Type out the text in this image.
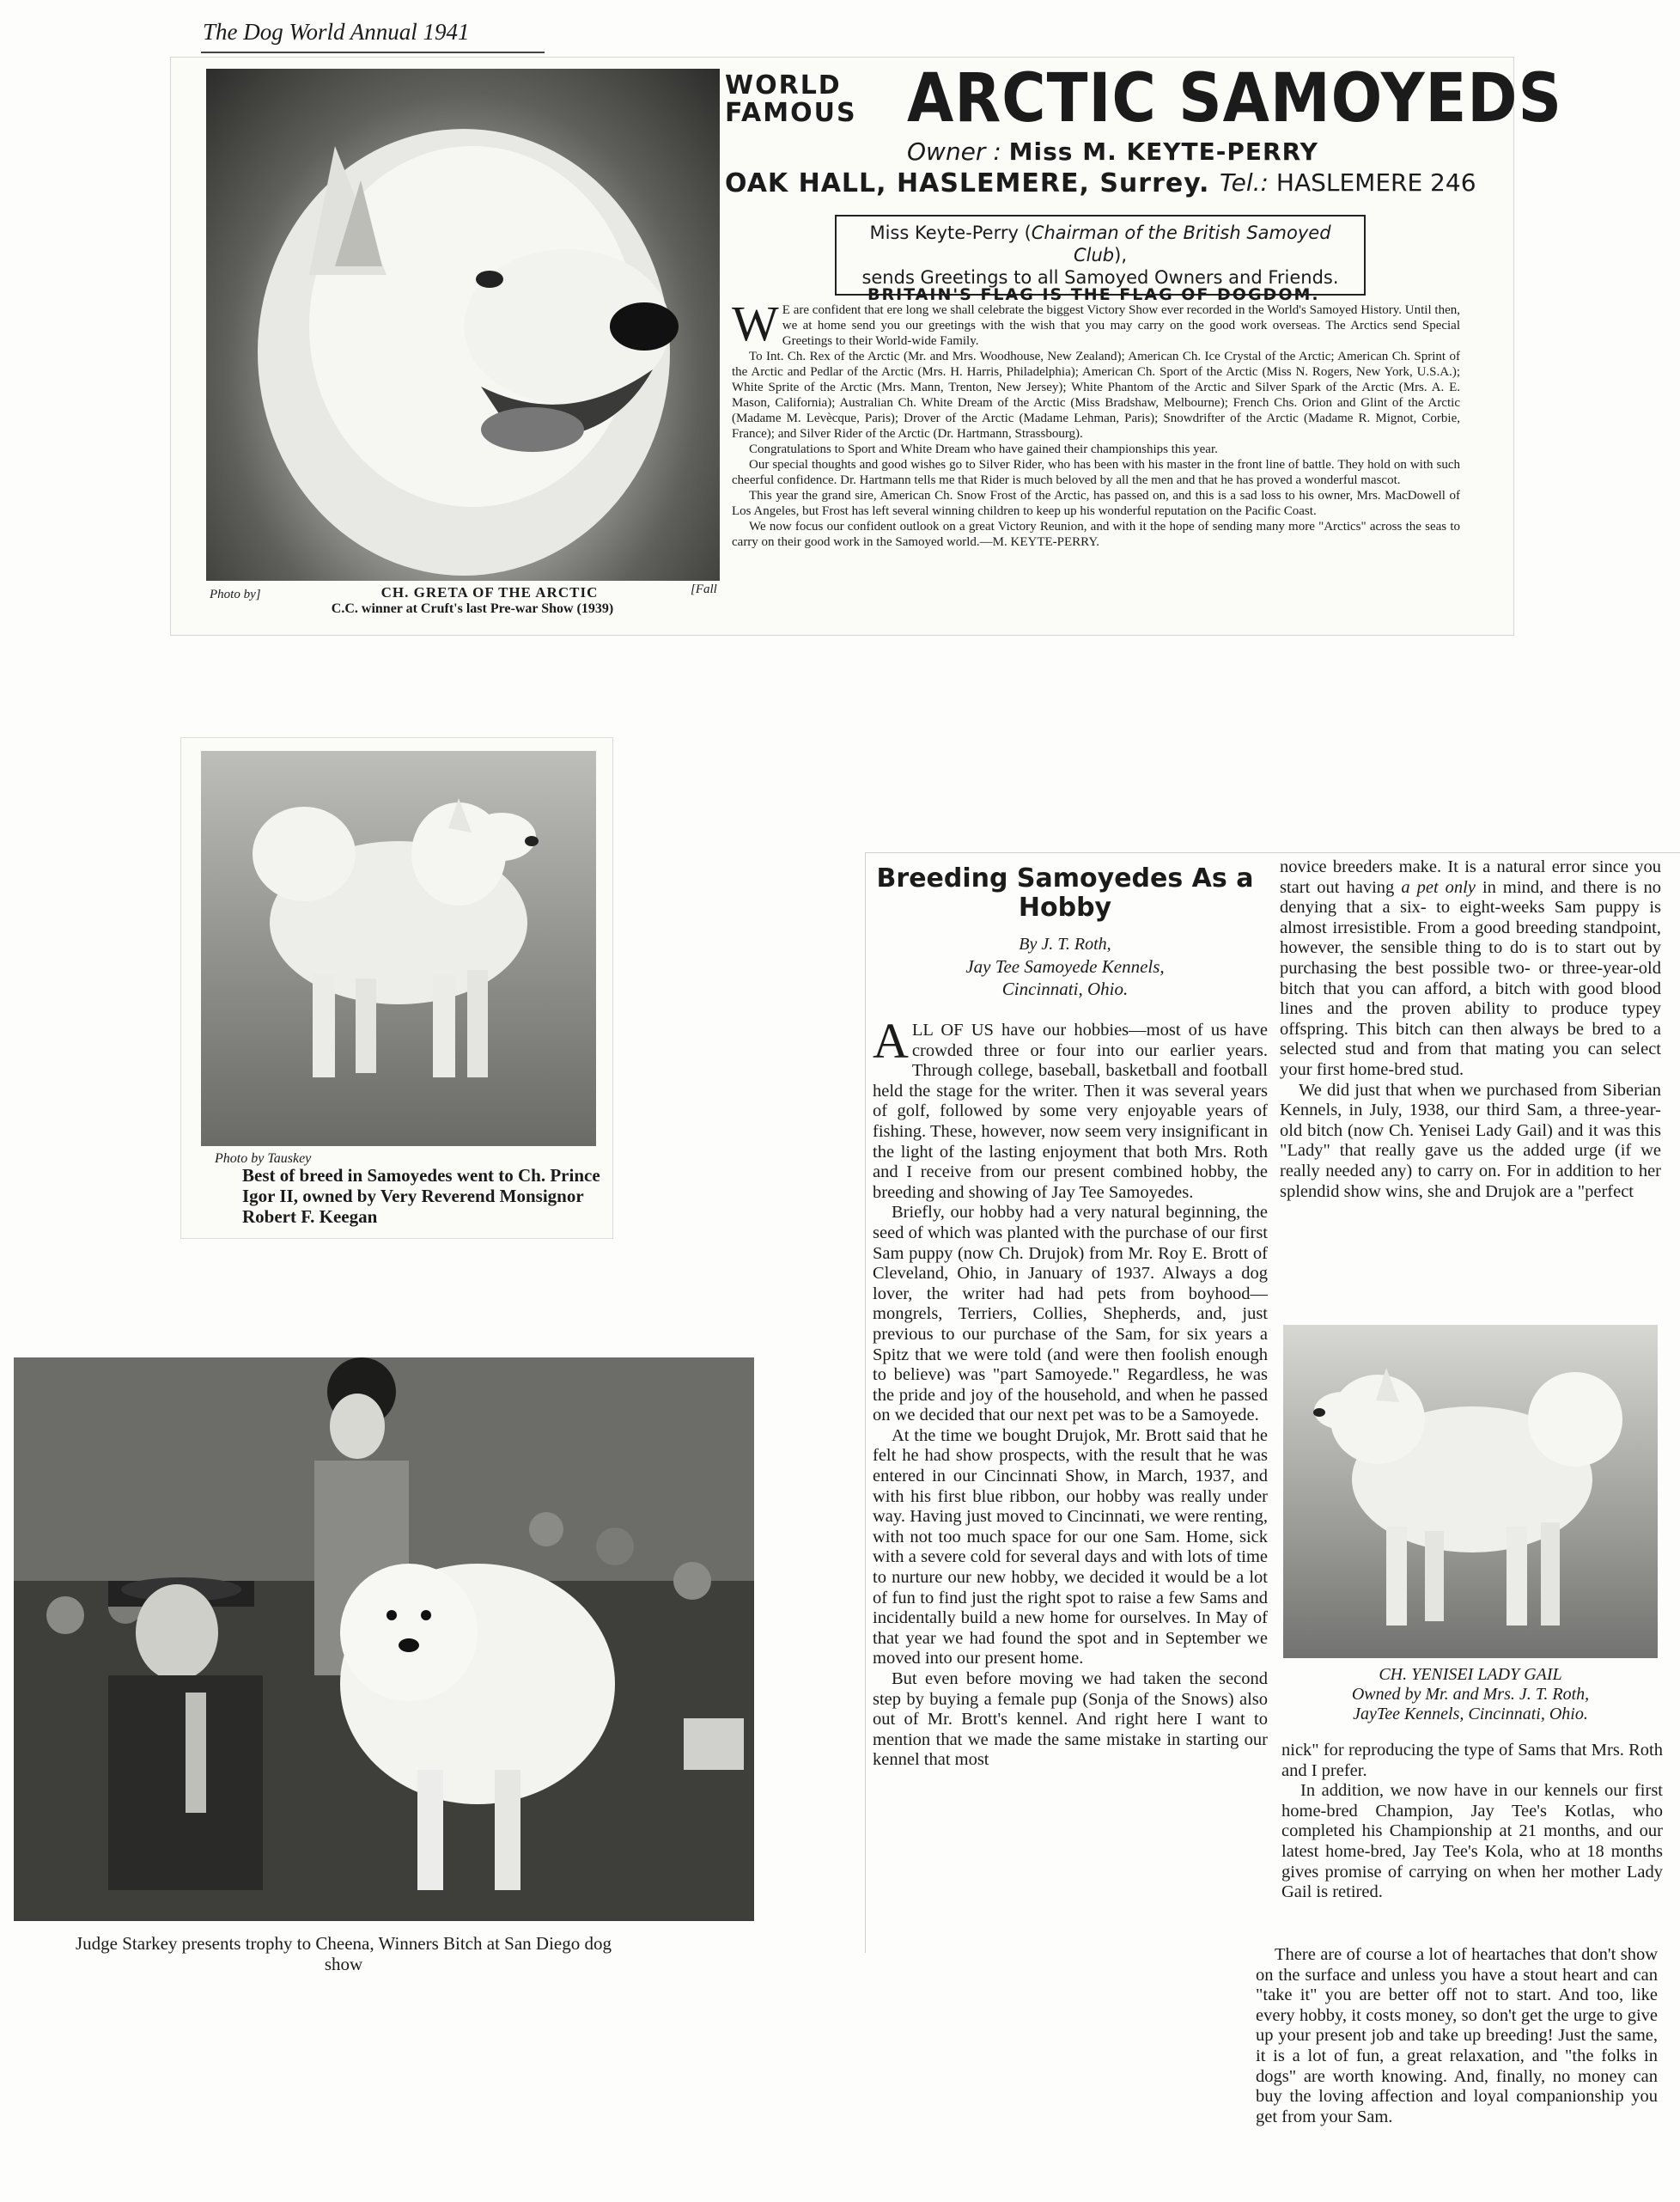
The Dog World Annual 1941
Photo by]	[Fall
CH. GRETA OF THE ARCTIC
C.C. winner at Cruft's last Pre-war Show (1939)
WORLD
FAMOUS ARCTIC SAMOYEDS
Owner : Miss M. KEYTE-PERRY
OAK HALL, HASLEMERE, Surrey. Tel.: HASLEMERE 246
Miss Keyte-Perry (Chairman of the British Samoyed Club),
sends Greetings to all Samoyed Owners and Friends.
BRITAIN'S FLAG IS THE FLAG OF DOGDOM.

W E are confident that ere long we shall celebrate the biggest Victory Show ever recorded in the World's Samoyed History. Until then, we at home send you our greetings with the wish that you may carry on the good work overseas. The Arctics send Special Greetings to their World-wide Family.

To Int. Ch. Rex of the Arctic (Mr. and Mrs. Woodhouse, New Zealand); American Ch. Ice Crystal of the Arctic; American Ch. Sprint of the Arctic and Pedlar of the Arctic (Mrs. H. Harris, Philadelphia); American Ch. Sport of the Arctic (Miss N. Rogers, New York, U.S.A.); White Sprite of the Arctic (Mrs. Mann, Trenton, New Jersey); White Phantom of the Arctic and Silver Spark of the Arctic (Mrs. A. E. Mason, California); Australian Ch. White Dream of the Arctic (Miss Bradshaw, Melbourne); French Chs. Orion and Glint of the Arctic (Madame M. Levècque, Paris); Drover of the Arctic (Madame Lehman, Paris); Snowdrifter of the Arctic (Madame R. Mignot, Corbie, France); and Silver Rider of the Arctic (Dr. Hartmann, Strassbourg).

Congratulations to Sport and White Dream who have gained their championships this year.

Our special thoughts and good wishes go to Silver Rider, who has been with his master in the front line of battle. They hold on with such cheerful confidence. Dr. Hartmann tells me that Rider is much beloved by all the men and that he has proved a wonderful mascot.

This year the grand sire, American Ch. Snow Frost of the Arctic, has passed on, and this is a sad loss to his owner, Mrs. MacDowell of Los Angeles, but Frost has left several winning children to keep up his wonderful reputation on the Pacific Coast.

We now focus our confident outlook on a great Victory Reunion, and with it the hope of sending many more "Arctics" across the seas to carry on their good work in the Samoyed world.—M. KEYTE-PERRY.

Photo by Tauskey
Best of breed in Samoyedes went to Ch. Prince Igor II, owned by Very Reverend Monsignor Robert F. Keegan
Judge Starkey presents trophy to Cheena, Winners Bitch at San Diego dog show
Breeding Samoyedes As a Hobby
By J. T. Roth,
Jay Tee Samoyede Kennels,
Cincinnati, Ohio.

ALL OF US have our hobbies—most of us have crowded three or four into our earlier years. Through college, baseball, basketball and football held the stage for the writer. Then it was several years of golf, followed by some very enjoyable years of fishing. These, however, now seem very insignificant in the light of the lasting enjoyment that both Mrs. Roth and I receive from our present combined hobby, the breeding and showing of Jay Tee Samoyedes.

Briefly, our hobby had a very natural beginning, the seed of which was planted with the purchase of our first Sam puppy (now Ch. Drujok) from Mr. Roy E. Brott of Cleveland, Ohio, in January of 1937. Always a dog lover, the writer had had pets from boyhood—mongrels, Terriers, Collies, Shepherds, and, just previous to our purchase of the Sam, for six years a Spitz that we were told (and were then foolish enough to believe) was "part Samoyede." Regardless, he was the pride and joy of the household, and when he passed on we decided that our next pet was to be a Samoyede.

At the time we bought Drujok, Mr. Brott said that he felt he had show prospects, with the result that he was entered in our Cincinnati Show, in March, 1937, and with his first blue ribbon, our hobby was really under way. Having just moved to Cincinnati, we were renting, with not too much space for our one Sam. Home, sick with a severe cold for several days and with lots of time to nurture our new hobby, we decided it would be a lot of fun to find just the right spot to raise a few Sams and incidentally build a new home for ourselves. In May of that year we had found the spot and in September we moved into our present home.

But even before moving we had taken the second step by buying a female pup (Sonja of the Snows) also out of Mr. Brott's kennel. And right here I want to mention that we made the same mistake in starting our kennel that most

novice breeders make. It is a natural error since you start out having a pet only in mind, and there is no denying that a six- to eight-weeks Sam puppy is almost irresistible. From a good breeding standpoint, however, the sensible thing to do is to start out by purchasing the best possible two- or three-year-old bitch that you can afford, a bitch with good blood lines and the proven ability to produce typey offspring. This bitch can then always be bred to a selected stud and from that mating you can select your first home-bred stud.

We did just that when we purchased from Siberian Kennels, in July, 1938, our third Sam, a three-year-old bitch (now Ch. Yenisei Lady Gail) and it was this "Lady" that really gave us the added urge (if we really needed any) to carry on. For in addition to her splendid show wins, she and Drujok are a "perfect

CH. YENISEI LADY GAIL
Owned by Mr. and Mrs. J. T. Roth,
JayTee Kennels, Cincinnati, Ohio.

nick" for reproducing the type of Sams that Mrs. Roth and I prefer.

In addition, we now have in our kennels our first home-bred Champion, Jay Tee's Kotlas, who completed his Championship at 21 months, and our latest home-bred, Jay Tee's Kola, who at 18 months gives promise of carrying on when her mother Lady Gail is retired.

There are of course a lot of heartaches that don't show on the surface and unless you have a stout heart and can "take it" you are better off not to start. And too, like every hobby, it costs money, so don't get the urge to give up your present job and take up breeding! Just the same, it is a lot of fun, a great relaxation, and "the folks in dogs" are worth knowing. And, finally, no money can buy the loving affection and loyal companionship you get from your Sam.
